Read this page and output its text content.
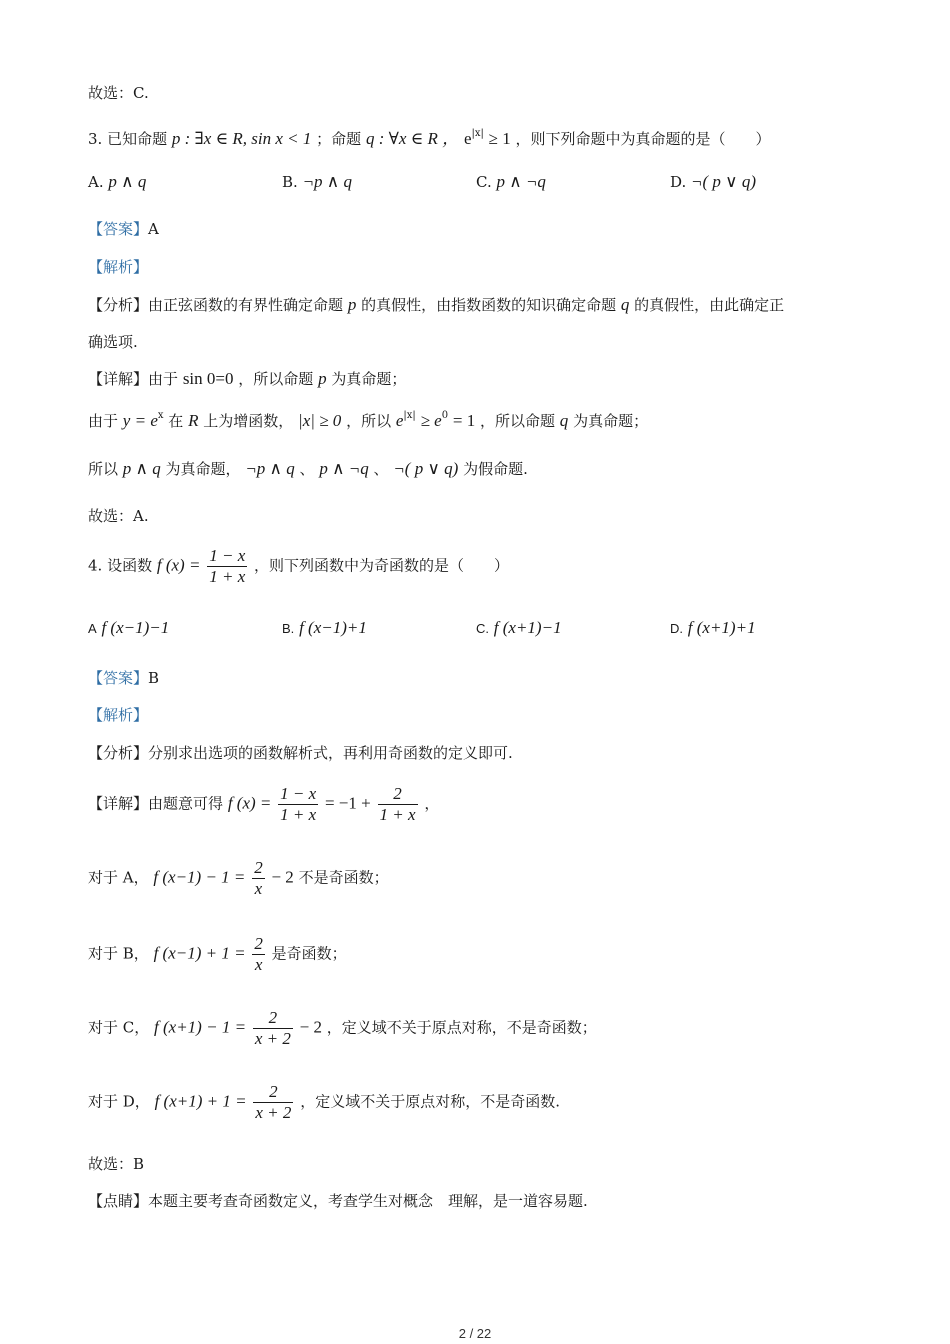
故选：C.
3. 已知命题 p : ∃x ∈ R, sin x < 1 ；命题 q : ∀x ∈ R ， $e^{|x|} \ge 1$ ，则下列命题中为真命题的是（　　）
A. p ∧ q	B. ¬p ∧ q	C. p ∧ ¬q	D. ¬( p ∨ q)
【答案】A
【解析】
【分析】由正弦函数的有界性确定命题 p 的真假性，由指数函数的知识确定命题 q 的真假性，由此确定正
确选项.
【详解】由于 sin 0=0 ，所以命题 p 为真命题；
由于 $y = e^x$ 在 R 上为增函数， |x| ≥ 0 ，所以 $e^{|x|} \ge e^0 = 1$ ，所以命题 q 为真命题；
所以 p ∧ q 为真命题， ¬p ∧ q 、 p ∧ ¬q 、 ¬( p ∨ q) 为假命题.
故选：A.
4. 设函数 f $(x) = \frac{1 - x}{1 + x}$ ，则下列函数中为奇函数的是（　　）
A f (x−1)−1	B. f (x−1)+1	C. f (x+1)−1	D. f (x+1)+1
【答案】B
【解析】
【分析】分别求出选项的函数解析式，再利用奇函数的定义即可.
【详解】由题意可得 f $(x) = \frac{1 - x}{1 + x} = -1 + \frac{2}{1 + x}$ ，
对于 A， f $(x-1) - 1 = \frac{2}{x} - 2$ 不是奇函数；
对于 B， f $(x-1) + 1 = \frac{2}{x}$ 是奇函数；
对于 C， f $(x+1) - 1 = \frac{2}{x + 2} - 2$ ，定义域不关于原点对称，不是奇函数；
对于 D， f $(x+1) + 1 = \frac{2}{x + 2}$ ，定义域不关于原点对称，不是奇函数.
故选：B
【点睛】本题主要考查奇函数定义，考查学生对概念　理解，是一道容易题.
2 / 22
